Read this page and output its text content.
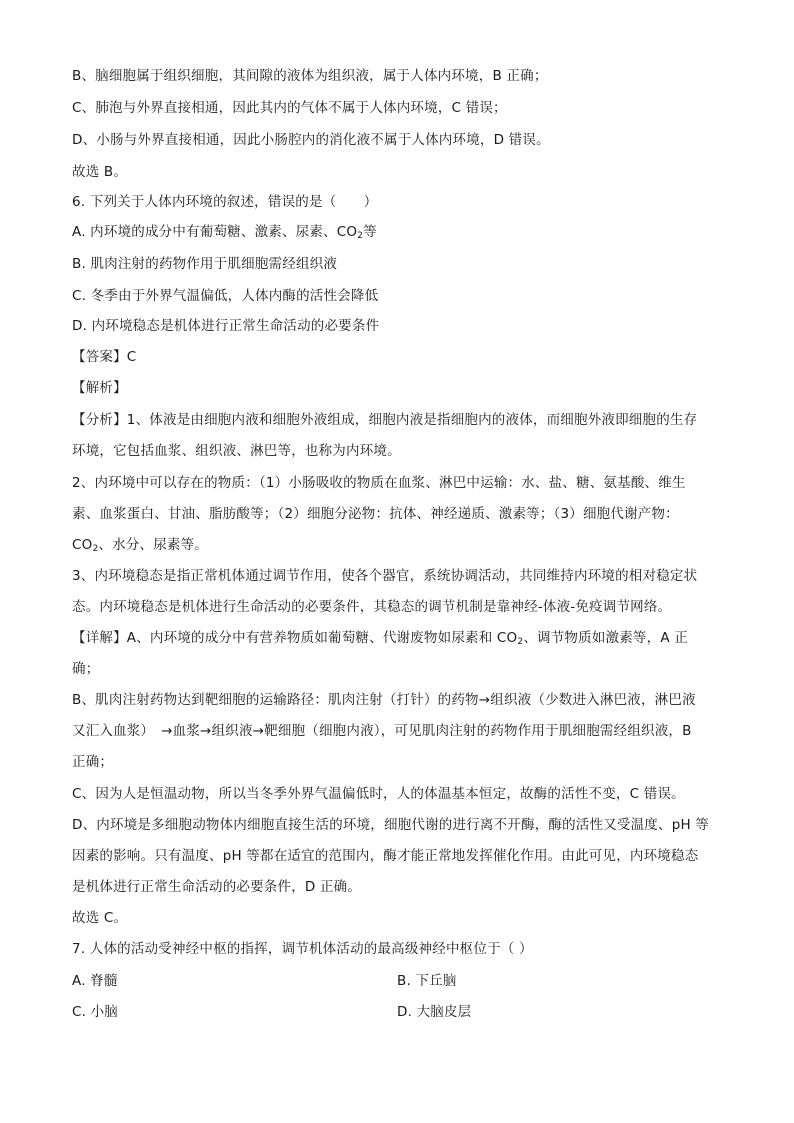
B、脑细胞属于组织细胞，其间隙的液体为组织液，属于人体内环境，B 正确；
C、肺泡与外界直接相通，因此其内的气体不属于人体内环境，C 错误；
D、小肠与外界直接相通，因此小肠腔内的消化液不属于人体内环境，D 错误。
故选 B。
6. 下列关于人体内环境的叙述，错误的是（　　）
A. 内环境的成分中有葡萄糖、激素、尿素、$CO_2$等
B. 肌肉注射的药物作用于肌细胞需经组织液
C. 冬季由于外界气温偏低，人体内酶的活性会降低
D. 内环境稳态是机体进行正常生命活动的必要条件
【答案】C
【解析】
【分析】1、体液是由细胞内液和细胞外液组成，细胞内液是指细胞内的液体，而细胞外液即细胞的生存
环境，它包括血浆、组织液、淋巴等，也称为内环境。
2、内环境中可以存在的物质：（1）小肠吸收的物质在血浆、淋巴中运输：水、盐、糖、氨基酸、维生
素、血浆蛋白、甘油、脂肪酸等；（2）细胞分泌物：抗体、神经递质、激素等；（3）细胞代谢产物：
$CO_2$、水分、尿素等。
3、内环境稳态是指正常机体通过调节作用，使各个器官，系统协调活动，共同维持内环境的相对稳定状
态。内环境稳态是机体进行生命活动的必要条件，其稳态的调节机制是靠神经-体液-免疫调节网络。
【详解】A、内环境的成分中有营养物质如葡萄糖、代谢废物如尿素和 $CO_2$、调节物质如激素等，A 正
确；
B、肌肉注射药物达到靶细胞的运输路径：肌肉注射（打针）的药物→组织液（少数进入淋巴液，淋巴液
又汇入血浆）　→血浆→组织液→靶细胞（细胞内液），可见肌肉注射的药物作用于肌细胞需经组织液，B
正确；
C、因为人是恒温动物，所以当冬季外界气温偏低时，人的体温基本恒定，故酶的活性不变，C 错误。
D、内环境是多细胞动物体内细胞直接生活的环境，细胞代谢的进行离不开酶，酶的活性又受温度、pH 等
因素的影响。只有温度、pH 等都在适宜的范围内，酶才能正常地发挥催化作用。由此可见，内环境稳态
是机体进行正常生命活动的必要条件，D 正确。
故选 C。
7. 人体的活动受神经中枢的指挥，调节机体活动的最高级神经中枢位于（ ）
A. 脊髓	B. 下丘脑
C. 小脑	D. 大脑皮层
